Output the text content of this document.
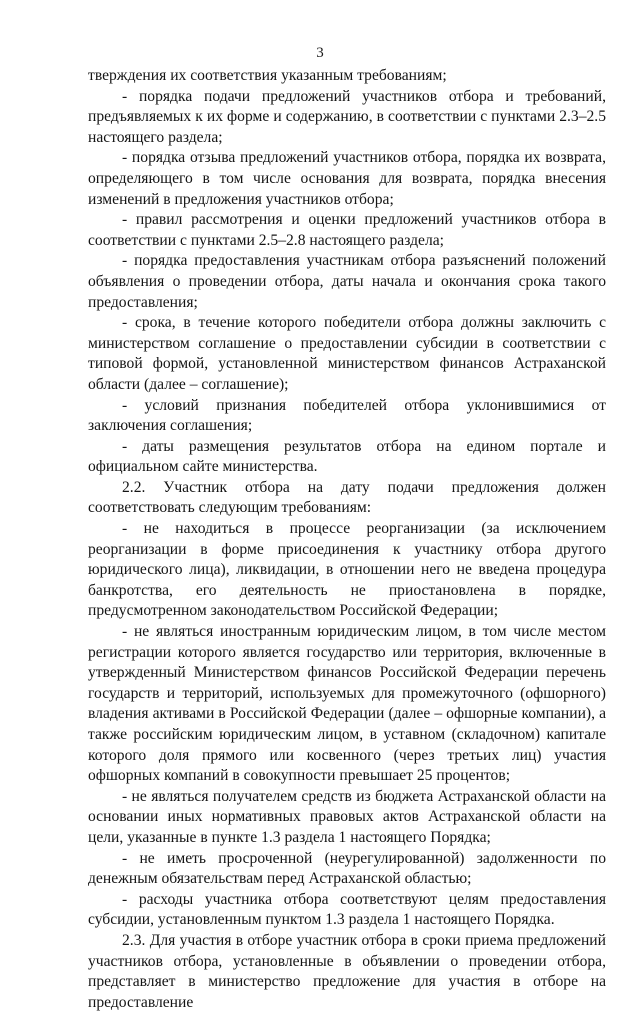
3

тверждения их соответствия указанным требованиям;

- порядка подачи предложений участников отбора и требований, предъявляемых к их форме и содержанию, в соответствии с пунктами 2.3–2.5 настоящего раздела;

- порядка отзыва предложений участников отбора, порядка их возврата, определяющего в том числе основания для возврата, порядка внесения изменений в предложения участников отбора;

- правил рассмотрения и оценки предложений участников отбора в соответствии с пунктами 2.5–2.8 настоящего раздела;

- порядка предоставления участникам отбора разъяснений положений объявления о проведении отбора, даты начала и окончания срока такого предоставления;

- срока, в течение которого победители отбора должны заключить с министерством соглашение о предоставлении субсидии в соответствии с типовой формой, установленной министерством финансов Астраханской области (далее – соглашение);

- условий признания победителей отбора уклонившимися от заключения соглашения;

- даты размещения результатов отбора на едином портале и официальном сайте министерства.

2.2. Участник отбора на дату подачи предложения должен соответствовать следующим требованиям:

- не находиться в процессе реорганизации (за исключением реорганизации в форме присоединения к участнику отбора другого юридического лица), ликвидации, в отношении него не введена процедура банкротства, его деятельность не приостановлена в порядке, предусмотренном законодательством Российской Федерации;

- не являться иностранным юридическим лицом, в том числе местом регистрации которого является государство или территория, включенные в утвержденный Министерством финансов Российской Федерации перечень государств и территорий, используемых для промежуточного (офшорного) владения активами в Российской Федерации (далее – офшорные компании), а также российским юридическим лицом, в уставном (складочном) капитале которого доля прямого или косвенного (через третьих лиц) участия офшорных компаний в совокупности превышает 25 процентов;

- не являться получателем средств из бюджета Астраханской области на основании иных нормативных правовых актов Астраханской области на цели, указанные в пункте 1.3 раздела 1 настоящего Порядка;

- не иметь просроченной (неурегулированной) задолженности по денежным обязательствам перед Астраханской областью;

- расходы участника отбора соответствуют целям предоставления субсидии, установленным пунктом 1.3 раздела 1 настоящего Порядка.

2.3. Для участия в отборе участник отбора в сроки приема предложений участников отбора, установленные в объявлении о проведении отбора, представляет в министерство предложение для участия в отборе на предоставление
